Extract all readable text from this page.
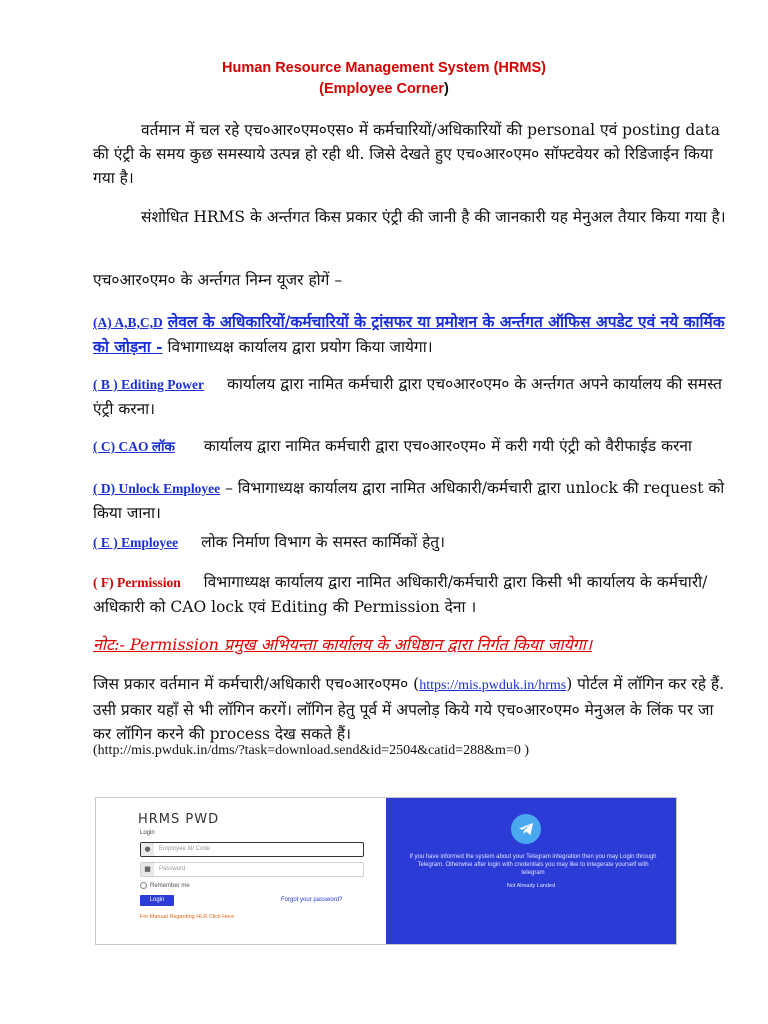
Human Resource Management System (HRMS)
(Employee Corner)
वर्तमान में चल रहे एच०आर०एम०एस० में कर्मचारियों/अधिकारियों की personal एवं posting data की एंट्री के समय कुछ समस्याये उत्पन्न हो रही थी. जिसे देखते हुए एच०आर०एम० सॉफ्टवेयर को रिडिजाईन किया गया है।
संशोधित HRMS के अर्न्तगत किस प्रकार एंट्री की जानी है की जानकारी यह मेनुअल तैयार किया गया है।
एच०आर०एम० के अर्न्तगत निम्न यूजर होगें –
(A) A,B,C,D लेवल के अधिकारियों/कर्मचारियों के ट्रांसफर या प्रमोशन के अर्न्तगत ऑफिस अपडेट एवं नये कार्मिक को जोड़ना - विभागाध्यक्ष कार्यालय द्वारा प्रयोग किया जायेगा।
( B ) Editing Power कार्यालय द्वारा नामित कर्मचारी द्वारा एच०आर०एम० के अर्न्तगत अपने कार्यालय की समस्त एंट्री करना।
( C) CAO लॉक कार्यालय द्वारा नामित कर्मचारी द्वारा एच०आर०एम० में करी गयी एंट्री को वैरीफाईड करना
( D) Unlock Employee – विभागाध्यक्ष कार्यालय द्वारा नामित अधिकारी/कर्मचारी द्वारा unlock की request को किया जाना।
( E ) Employee लोक निर्माण विभाग के समस्त कार्मिकों हेतु।
( F) Permission विभागाध्यक्ष कार्यालय द्वारा नामित अधिकारी/कर्मचारी द्वारा किसी भी कार्यालय के कर्मचारी/अधिकारी को CAO lock एवं Editing की Permission देना ।
नोट:- Permission प्रमुख अभियन्ता कार्यालय के अधिष्ठान द्वारा निर्गत किया जायेगा।
जिस प्रकार वर्तमान में कर्मचारी/अधिकारी एच०आर०एम० (https://mis.pwduk.in/hrms) पोर्टल में लॉगिन कर रहे हैं. उसी प्रकार यहाँ से भी लॉगिन करगें। लॉगिन हेतु पूर्व में अपलोड़ किये गये एच०आर०एम० मेनुअल के लिंक पर जा कर लॉगिन करने की process देख सकते हैं।
(http://mis.pwduk.in/dms/?task=download.send&id=2504&catid=288&m=0 )
HRMS PWD
Login
●	Employee Id/ Code
■	Password
Remember me
Login	Forgot your password?
For Manual Regarding HLR Click Here
If you have informed the system about your Telegram integration then you may Login through Telegram. Otherwise after login with credentials you may like to integerate yourself with telegram
Not Already Landed
